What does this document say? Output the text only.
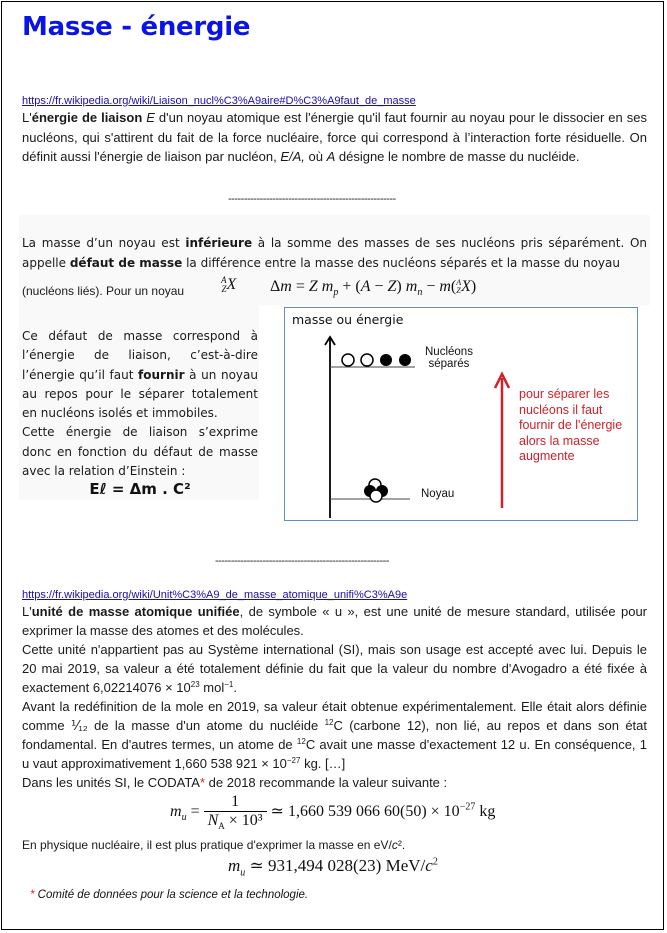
Masse - énergie
https://fr.wikipedia.org/wiki/Liaison_nucl%C3%A9aire#D%C3%A9faut_de_masse
L'énergie de liaison E d'un noyau atomique est l'énergie qu'il faut fournir au noyau pour le dissocier en ses nucléons, qui s'attirent du fait de la force nucléaire, force qui correspond à l’interaction forte résiduelle. On définit aussi l'énergie de liaison par nucléon, E/A, où A désigne le nombre de masse du nucléide.
-----------------------------------------------------
La masse d’un noyau est inférieure à la somme des masses de ses nucléons pris séparément. On appelle défaut de masse la différence entre la masse des nucléons séparés et la masse du noyau
(nucléons liés). Pour un noyau
A
ZX Δm = Z $m_p + (A - Z) m_n - m(A$
ZX)
Ce défaut de masse correspond à l’énergie de liaison, c’est-à-dire l’énergie qu’il faut fournir à un noyau au repos pour le séparer totalement en nucléons isolés et immobiles.
Cette énergie de liaison s’exprime donc en fonction du défaut de masse avec la relation d’Einstein :
Eℓ = Δm . C²
masse ou énergie
Nucléons
séparés
Noyau
pour séparer les
nucléons il faut
fournir de l'énergie
alors la masse
augmente
-------------------------------------------------------
https://fr.wikipedia.org/wiki/Unit%C3%A9_de_masse_atomique_unifi%C3%A9e
L'unité de masse atomique unifiée, de symbole « u », est une unité de mesure standard, utilisée pour exprimer la masse des atomes et des molécules.
Cette unité n'appartient pas au Système international (SI), mais son usage est accepté avec lui. Depuis le 20 mai 2019, sa valeur a été totalement définie du fait que la valeur du nombre d'Avogadro a été fixée à exactement $6,02214076 \times 10^{23}$ mol$^{-1}$.
Avant la redéfinition de la mole en 2019, sa valeur était obtenue expérimentalement. Elle était alors définie comme ⅟₁₂ de la masse d'un atome du nucléide $^{12}$C (carbone 12), non lié, au repos et dans son état fondamental. En d'autres termes, un atome de $^{12}$C avait une masse d'exactement 12 u. En conséquence, 1 u vaut approximativement 1,660 538 $921 \times 10^{-27}$ kg. […]
Dans les unités SI, le CODATA* de 2018 recommande la valeur suivante :
$m_u = \frac{1}{N_A \times 10^3}$ ≃ 1,660 539 066 $60(50) \times 10^{-27}$ kg
En physique nucléaire, il est plus pratique d'exprimer la masse en eV/c².
$m_u$ ≃ 931,494 028(23) MeV/$c^2$
* Comité de données pour la science et la technologie.
